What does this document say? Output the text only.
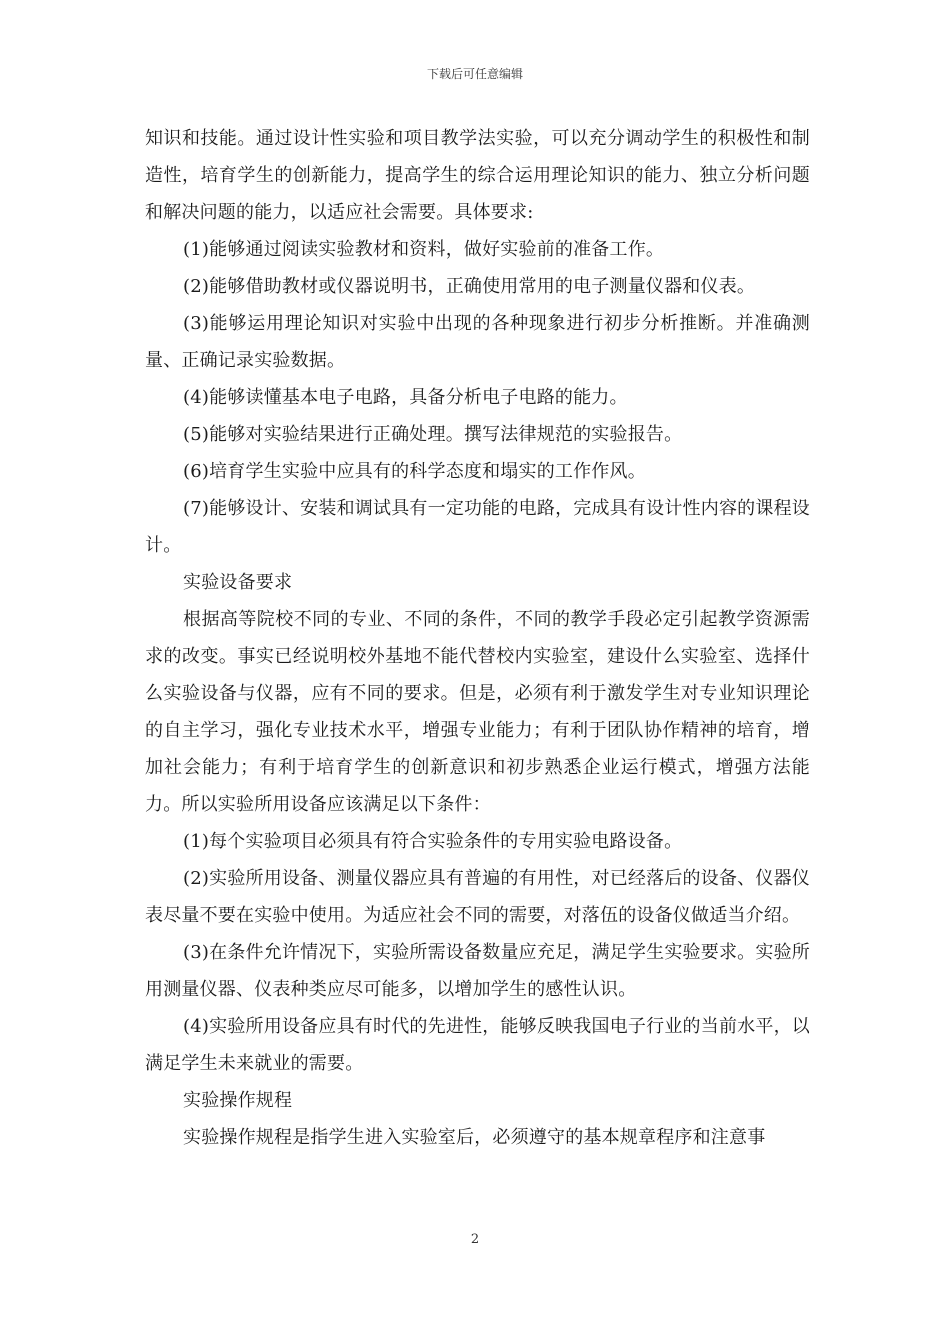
下载后可任意编辑

知识和技能。通过设计性实验和项目教学法实验，可以充分调动学生的积极性和制造性，培育学生的创新能力，提高学生的综合运用理论知识的能力、独立分析问题和解决问题的能力，以适应社会需要。具体要求:

(1)能够通过阅读实验教材和资料，做好实验前的准备工作。

(2)能够借助教材或仪器说明书，正确使用常用的电子测量仪器和仪表。

(3)能够运用理论知识对实验中出现的各种现象进行初步分析推断。并准确测量、正确记录实验数据。

(4)能够读懂基本电子电路，具备分析电子电路的能力。

(5)能够对实验结果进行正确处理。撰写法律规范的实验报告。

(6)培育学生实验中应具有的科学态度和塌实的工作作风。

(7)能够设计、安装和调试具有一定功能的电路，完成具有设计性内容的课程设计。

实验设备要求

根据高等院校不同的专业、不同的条件，不同的教学手段必定引起教学资源需求的改变。事实已经说明校外基地不能代替校内实验室，建设什么实验室、选择什么实验设备与仪器，应有不同的要求。但是，必须有利于激发学生对专业知识理论的自主学习，强化专业技术水平，增强专业能力；有利于团队协作精神的培育，增加社会能力；有利于培育学生的创新意识和初步熟悉企业运行模式，增强方法能力。所以实验所用设备应该满足以下条件：

(1)每个实验项目必须具有符合实验条件的专用实验电路设备。

(2)实验所用设备、测量仪器应具有普遍的有用性，对已经落后的设备、仪器仪表尽量不要在实验中使用。为适应社会不同的需要，对落伍的设备仪做适当介绍。

(3)在条件允许情况下，实验所需设备数量应充足，满足学生实验要求。实验所用测量仪器、仪表种类应尽可能多，以增加学生的感性认识。

(4)实验所用设备应具有时代的先进性，能够反映我国电子行业的当前水平，以满足学生未来就业的需要。

实验操作规程

实验操作规程是指学生进入实验室后，必须遵守的基本规章程序和注意事

2
